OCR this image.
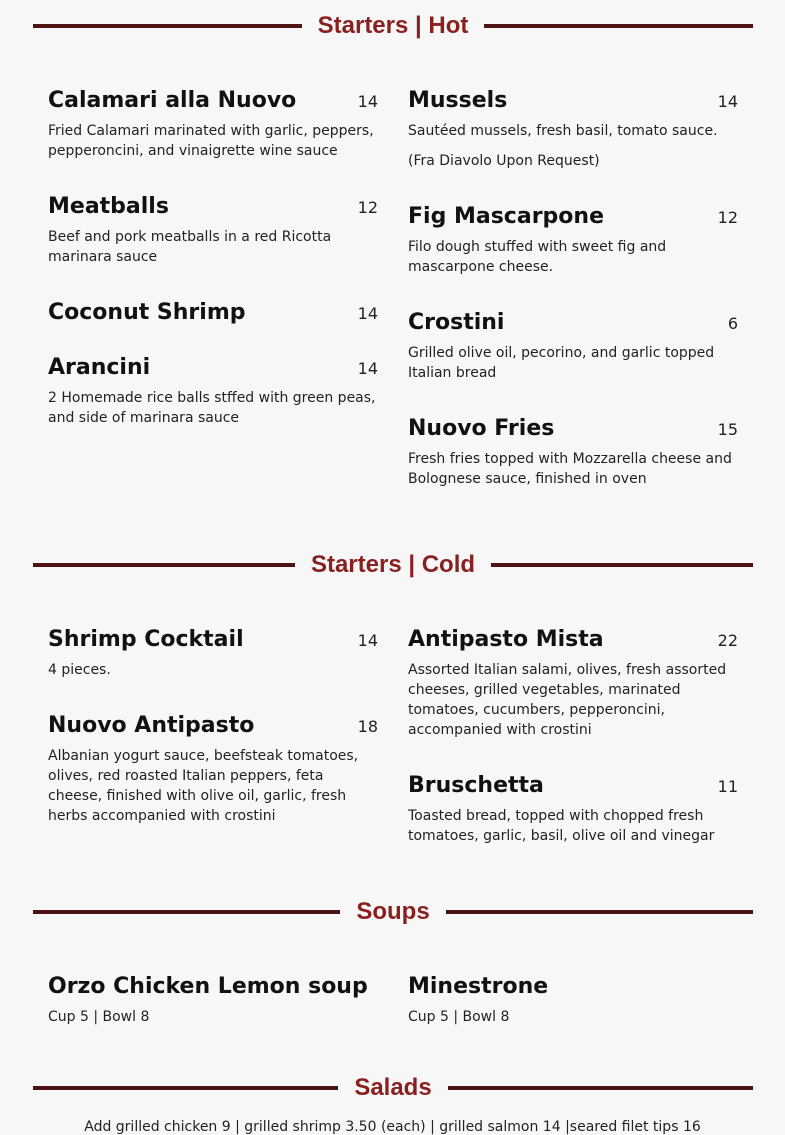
Starters | Hot
Calamari alla Nuovo	14
Fried Calamari marinated with garlic, peppers, pepperoncini, and vinaigrette wine sauce
Meatballs	12
Beef and pork meatballs in a red Ricotta marinara sauce
Coconut Shrimp	14
Arancini	14
2 Homemade rice balls stffed with green peas, and side of marinara sauce
Mussels	14
Sautéed mussels, fresh basil, tomato sauce.
(Fra Diavolo Upon Request)
Fig Mascarpone	12
Filo dough stuffed with sweet fig and mascarpone cheese.
Crostini	6
Grilled olive oil, pecorino, and garlic topped Italian bread
Nuovo Fries	15
Fresh fries topped with Mozzarella cheese and Bolognese sauce, finished in oven
Starters | Cold
Shrimp Cocktail	14
4 pieces.
Nuovo Antipasto	18
Albanian yogurt sauce, beefsteak tomatoes, olives, red roasted Italian peppers, feta cheese, finished with olive oil, garlic, fresh herbs accompanied with crostini
Antipasto Mista	22
Assorted Italian salami, olives, fresh assorted cheeses, grilled vegetables, marinated tomatoes, cucumbers, pepperoncini, accompanied with crostini
Bruschetta	11
Toasted bread, topped with chopped fresh tomatoes, garlic, basil, olive oil and vinegar
Soups
Orzo Chicken Lemon soup
Cup 5 | Bowl 8
Minestrone
Cup 5 | Bowl 8
Salads
Add grilled chicken 9 | grilled shrimp 3.50 (each) | grilled salmon 14 |seared filet tips 16
